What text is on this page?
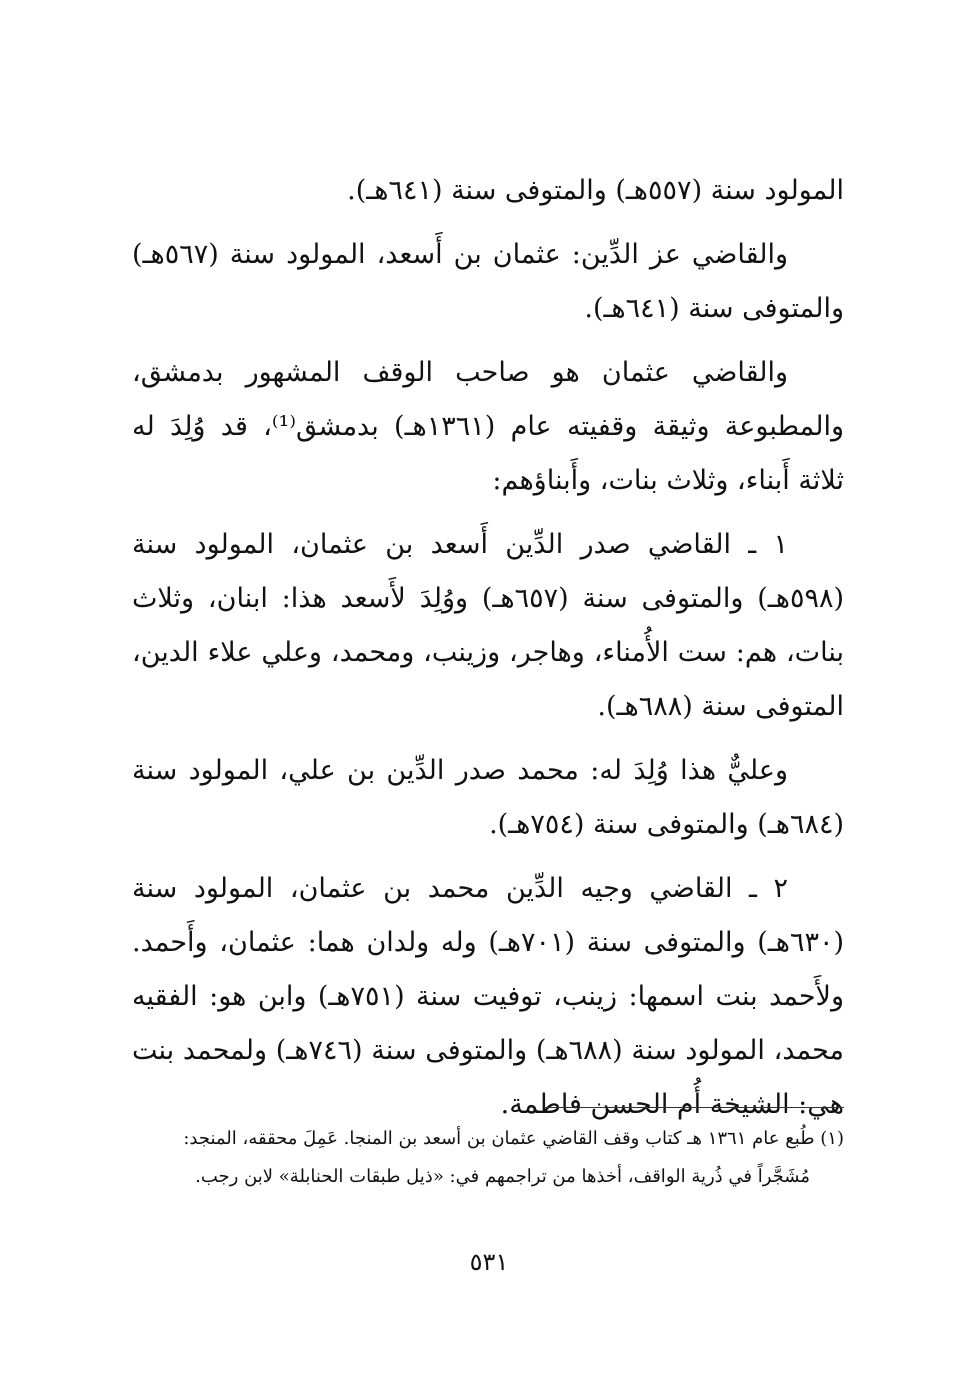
المولود سنة (٥٥٧هـ) والمتوفى سنة (٦٤١هـ).

والقاضي عز الدِّين: عثمان بن أَسعد، المولود سنة (٥٦٧هـ) والمتوفى سنة (٦٤١هـ).

والقاضي عثمان هو صاحب الوقف المشهور بدمشق، والمطبوعة وثيقة وقفيته عام (١٣٦١هـ) بدمشق⁽¹⁾، قد وُلِدَ له ثلاثة أَبناء، وثلاث بنات، وأَبناؤهم:

١ ـ القاضي صدر الدِّين أَسعد بن عثمان، المولود سنة (٥٩٨هـ) والمتوفى سنة (٦٥٧هـ) ووُلِدَ لأَسعد هذا: ابنان، وثلاث بنات، هم: ست الأُمناء، وهاجر، وزينب، ومحمد، وعلي علاء الدين، المتوفى سنة (٦٨٨هـ).

وعليٌّ هذا وُلِدَ له: محمد صدر الدِّين بن علي، المولود سنة (٦٨٤هـ) والمتوفى سنة (٧٥٤هـ).

٢ ـ القاضي وجيه الدِّين محمد بن عثمان، المولود سنة (٦٣٠هـ) والمتوفى سنة (٧٠١هـ) وله ولدان هما: عثمان، وأَحمد. ولأَحمد بنت اسمها: زينب، توفيت سنة (٧٥١هـ) وابن هو: الفقيه محمد، المولود سنة (٦٨٨هـ) والمتوفى سنة (٧٤٦هـ) ولمحمد بنت هي: الشيخة أُم الحسن فاطمة.

(١) طُبع عام ١٣٦١ هـ كتاب وقف القاضي عثمان بن أسعد بن المنجا. عَمِلَ محققه، المنجد:

مُشَجَّراً في ذُرية الواقف، أخذها من تراجمهم في: «ذيل طبقات الحنابلة» لابن رجب.

٥٣١
